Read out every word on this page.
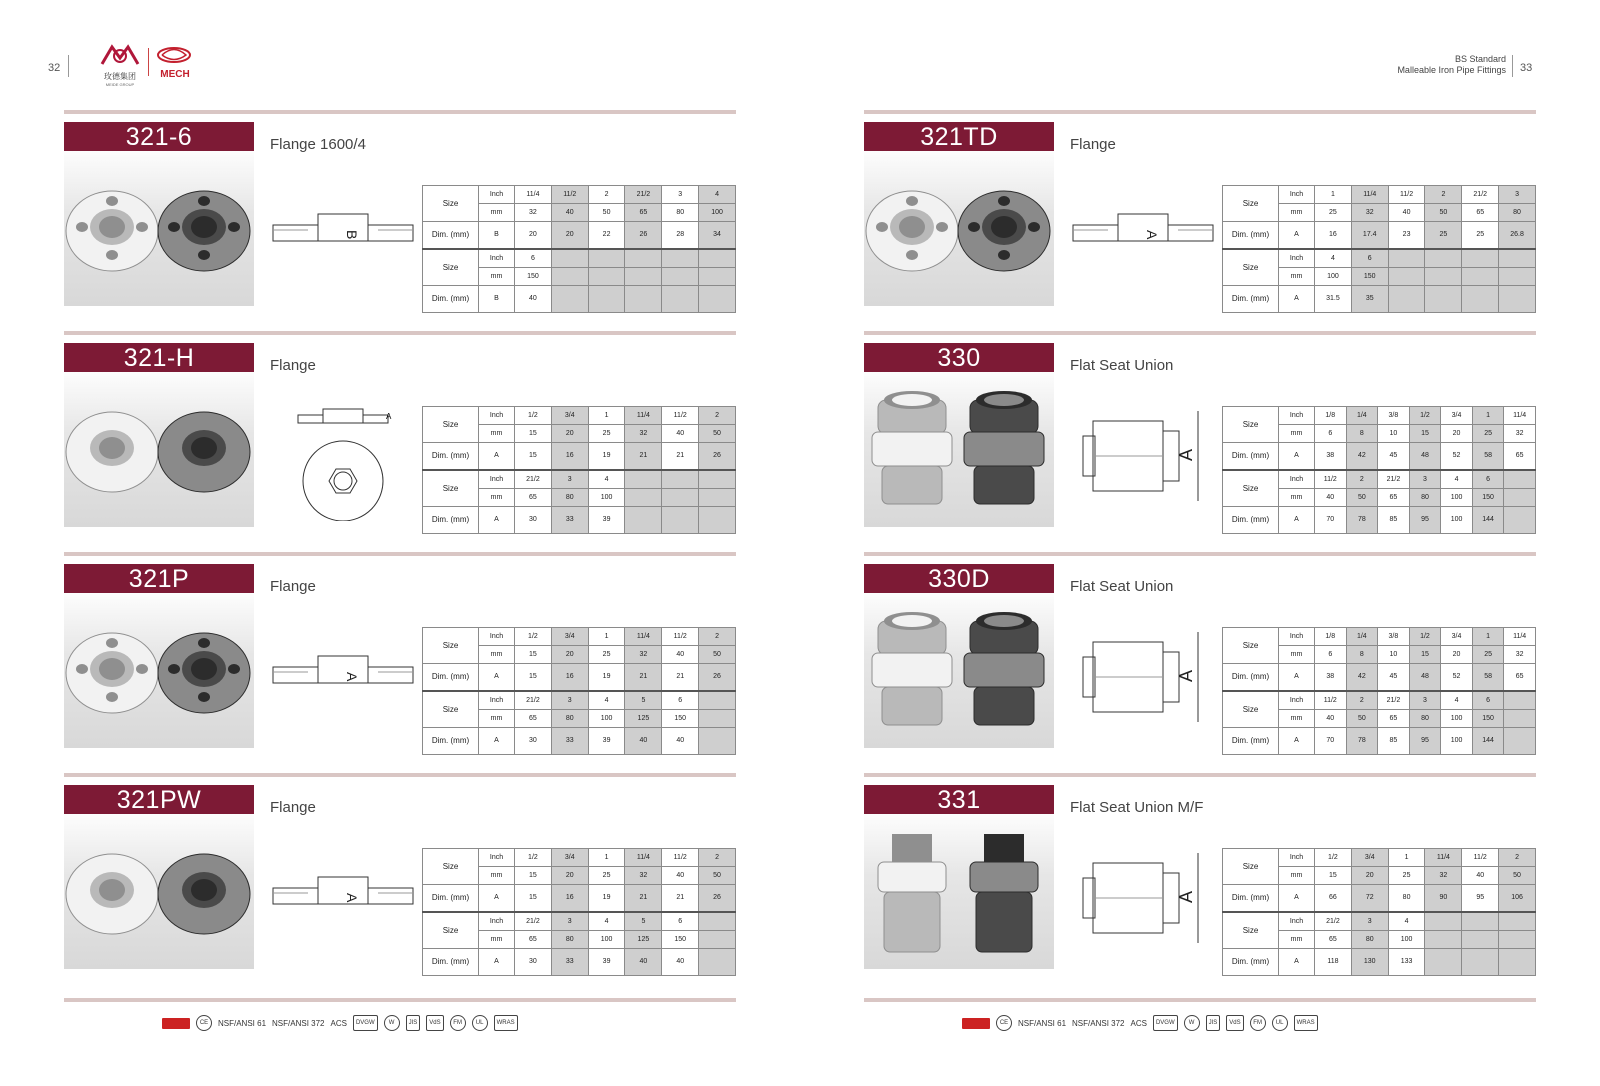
32
玫德集团
MEIDE GROUP
MECH
BS Standard
Malleable Iron Pipe Fittings 33
321-6	Flange 1600/4
B
Size	Inch	11/4	11/2	2	21/2	3	4
	mm	32	40	50	65	80	100
Dim. (mm)	B	20	20	22	26	28	34
Size	Inch	6					
	mm	150					
Dim. (mm)	B	40					
321-H	Flange
A
Size	Inch	1/2	3/4	1	11/4	11/2	2
	mm	15	20	25	32	40	50
Dim. (mm)	A	15	16	19	21	21	26
Size	Inch	21/2	3	4			
	mm	65	80	100			
Dim. (mm)	A	30	33	39			
321P	Flange
A
Size	Inch	1/2	3/4	1	11/4	11/2	2
	mm	15	20	25	32	40	50
Dim. (mm)	A	15	16	19	21	21	26
Size	Inch	21/2	3	4	5	6	
	mm	65	80	100	125	150	
Dim. (mm)	A	30	33	39	40	40	
321PW	Flange
A
Size	Inch	1/2	3/4	1	11/4	11/2	2
	mm	15	20	25	32	40	50
Dim. (mm)	A	15	16	19	21	21	26
Size	Inch	21/2	3	4	5	6	
	mm	65	80	100	125	150	
Dim. (mm)	A	30	33	39	40	40	
321TD	Flange
A
Size	Inch	1	11/4	11/2	2	21/2	3
	mm	25	32	40	50	65	80
Dim. (mm)	A	16	17.4	23	25	25	26.8
Size	Inch	4	6				
	mm	100	150				
Dim. (mm)	A	31.5	35				
330	Flat Seat Union
A
Size	Inch	1/8	1/4	3/8	1/2	3/4	1	11/4
	mm	6	8	10	15	20	25	32
Dim. (mm)	A	38	42	45	48	52	58	65
Size	Inch	11/2	2	21/2	3	4	6	
	mm	40	50	65	80	100	150	
Dim. (mm)	A	70	78	85	95	100	144	
330D	Flat Seat Union
A
Size	Inch	1/8	1/4	3/8	1/2	3/4	1	11/4
	mm	6	8	10	15	20	25	32
Dim. (mm)	A	38	42	45	48	52	58	65
Size	Inch	11/2	2	21/2	3	4	6	
	mm	40	50	65	80	100	150	
Dim. (mm)	A	70	78	85	95	100	144	
331	Flat Seat Union M/F
A
Size	Inch	1/2	3/4	1	11/4	11/2	2
	mm	15	20	25	32	40	50
Dim. (mm)	A	66	72	80	90	95	106
Size	Inch	21/2	3	4			
	mm	65	80	100			
Dim. (mm)	A	118	130	133			
CE	NSF/ANSI 61 NSF/ANSI 372 ACS	DVGW	W	JIS	VdS	FM	UL	WRAS	CE	NSF/ANSI 61 NSF/ANSI 372 ACS	DVGW	W	JIS	VdS	FM	UL	WRAS
